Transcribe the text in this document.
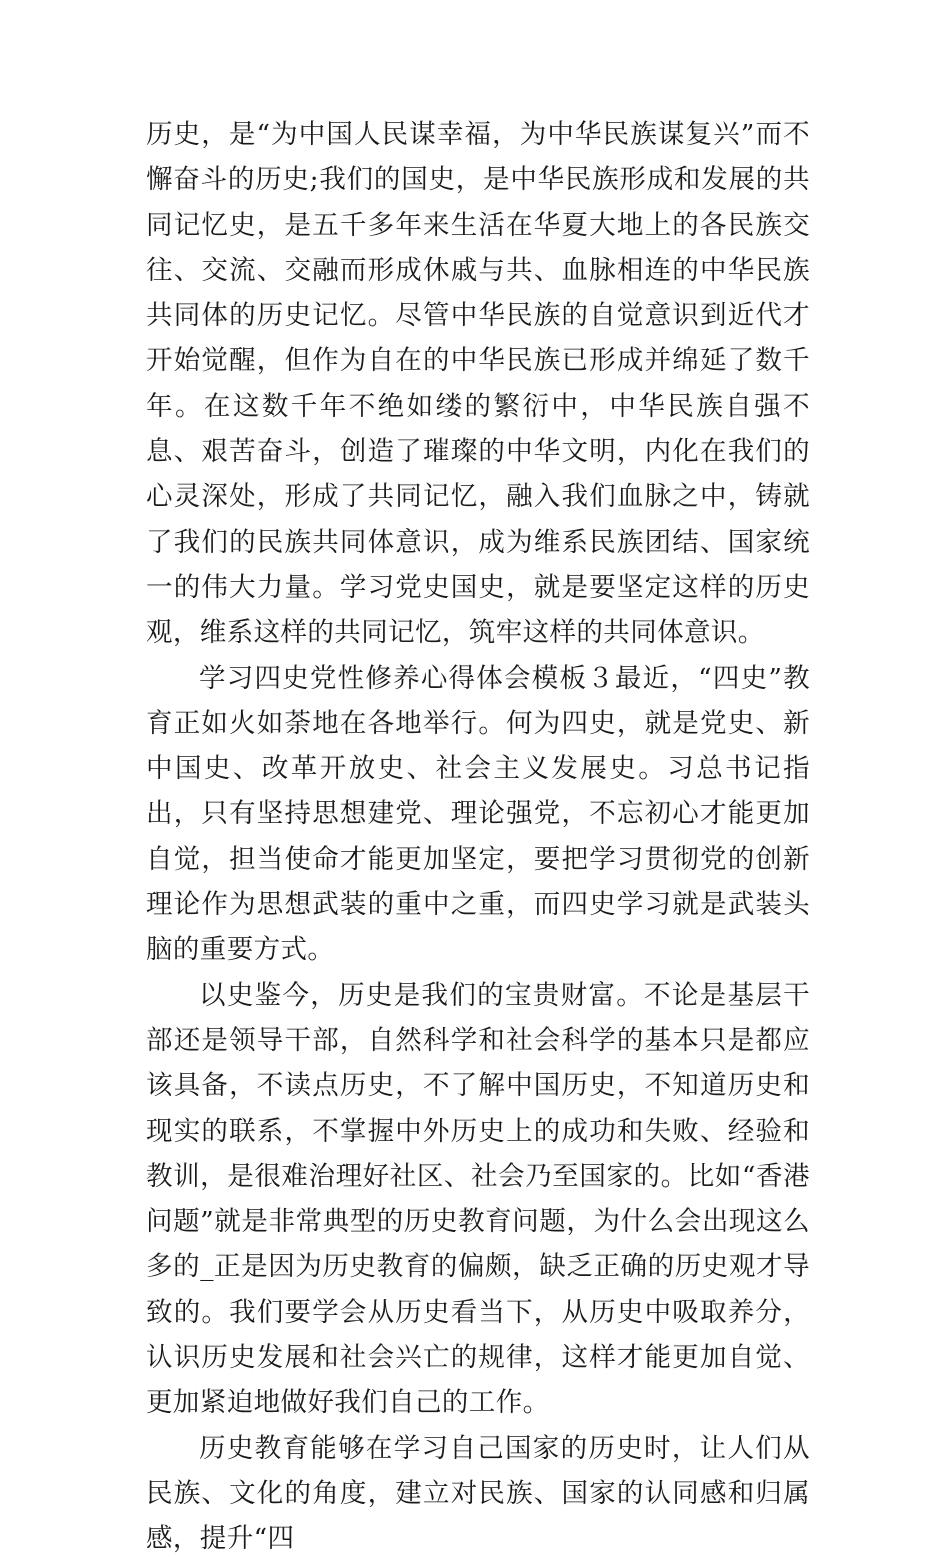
历史，是“为中国人民谋幸福，为中华民族谋复兴”而不懈奋斗的历史;我们的国史，是中华民族形成和发展的共同记忆史，是五千多年来生活在华夏大地上的各民族交往、交流、交融而形成休戚与共、血脉相连的中华民族共同体的历史记忆。尽管中华民族的自觉意识到近代才开始觉醒，但作为自在的中华民族已形成并绵延了数千年。在这数千年不绝如缕的繁衍中，中华民族自强不息、艰苦奋斗，创造了璀璨的中华文明，内化在我们的心灵深处，形成了共同记忆，融入我们血脉之中，铸就了我们的民族共同体意识，成为维系民族团结、国家统一的伟大力量。学习党史国史，就是要坚定这样的历史观，维系这样的共同记忆，筑牢这样的共同体意识。

学习四史党性修养心得体会模板３最近，“四史”教育正如火如荼地在各地举行。何为四史，就是党史、新中国史、改革开放史、社会主义发展史。习总书记指出，只有坚持思想建党、理论强党，不忘初心才能更加自觉，担当使命才能更加坚定，要把学习贯彻党的创新理论作为思想武装的重中之重，而四史学习就是武装头脑的重要方式。

以史鉴今，历史是我们的宝贵财富。不论是基层干部还是领导干部，自然科学和社会科学的基本只是都应该具备，不读点历史，不了解中国历史，不知道历史和现实的联系，不掌握中外历史上的成功和失败、经验和教训，是很难治理好社区、社会乃至国家的。比如“香港问题”就是非常典型的历史教育问题，为什么会出现这么多的_正是因为历史教育的偏颇，缺乏正确的历史观才导致的。我们要学会从历史看当下，从历史中吸取养分，认识历史发展和社会兴亡的规律，这样才能更加自觉、更加紧迫地做好我们自己的工作。

历史教育能够在学习自己国家的历史时，让人们从民族、文化的角度，建立对民族、国家的认同感和归属感，提升“四
